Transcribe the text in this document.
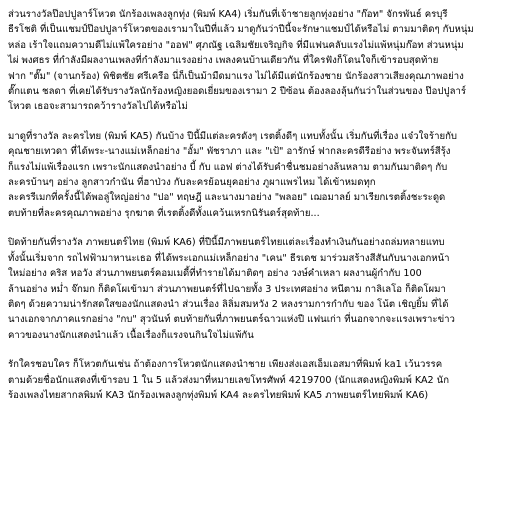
ส่วนรางวัลป๊อปปูลาร์โหวต นักร้องเพลงลูกทุ่ง (พิมพ์ KA4) เริ่มกันที่เจ้าชายลูกทุ่งอย่าง "ก๊อท" จักรพันธ์ ครบุรี
ธีรโชติ ที่เป็นแชมป์ป๊อปปูลาร์โหวตของเรามาในปีที่แล้ว มาดูกันว่าปีนี้จะรักษาแชมป์ได้หรือไม่ ตามมาติดๆ กับหนุ่ม
หล่อ เร้าใจแถมความดีไม่แพ้ใครอย่าง "ออฟ" ศุภณัฐ เฉลิมชัยเจริญกิจ ที่มีแฟนคลับแรงไม่แพ้หนุ่มก๊อท ส่วนหนุ่ม
ไผ่ พงศธร ที่กำลังมีผลงานเพลงที่กำลังมาแรงอย่าง เพลงคนบ้านเดียวกัน ที่ใครฟังก็โดนใจก็เข้ารอบสุดท้าย
ฟาก "ตั๊ม" (จานกร้อง) พิชิตชัย ศรีเครือ นี่ก็เป็นม้ามืดมาแรง ไม่ได้มีแต่นักร้องชาย นักร้องสาวเสียงคุณภาพอย่าง
ตั๊กแตน ชลดา ที่เคยได้รับรางวัลนักร้องหญิงยอดเยี่ยมของเรามา 2 ปีซ้อน ต้องลองลุ้นกันว่าในส่วนของ ป๊อปปูลาร์
โหวต เธอจะสามารถคว้ารางวัลไปได้หรือไม่
มาดูที่รางวัล ละครไทย (พิมพ์ KA5) กันบ้าง ปีนี้มีแต่ละครดังๆ เรตติ้งดีๆ แทบทั้งนั้น เริ่มกันที่เรื่อง แจ๋วใจร้ายกับ
คุณชายเทวดา ที่ได้พระ-นางแม่เหล็กอย่าง "อั้ม" พัชราภา และ "เป้" อารักษ์ ฟากละครดีรีอย่าง พระจันทร์สีรุ้ง
ก็แรงไม่แพ้เรื่องแรก เพราะนักแสดงนำอย่าง บี้ กับ แอฟ ต่างได้รับคำชื่นชมอย่างล้นหลาม ตามกันมาติดๆ กับ
ละครบ้านๆ อย่าง ลูกสาวกำนัน ที่ฮาป่วง กับละครย้อนยุคอย่าง ภูผาแพรไหม ได้เข้าหมดทุก
ละครรีเมกที่ครั้งนี้ได้พอลู่ใหญ่อย่าง "ปอ" ทฤษฎี และนางมาอย่าง "พลอย" เฌอมาลย์ มาเรียกเรตติ้งชะระดูด
ตบท้ายที่ละครคุณภาพอย่าง รุกฆาต ที่เรตติ้งดีทั้งแคว้นเหรกนิรันดร์สุดท้าย...
ปิดท้ายกันที่รางวัล ภาพยนตร์ไทย (พิมพ์ KA6) ที่ปีนี้มีภาพยนตร์ไทยแต่ละเรื่องทำเงินกันอย่างถล่มทลายแทบ
ทั้งนั้นเริ่มจาก รถไฟฟ้ามาหานะเธอ ที่ได้พระเอกแม่เหล็กอย่าง "เคน" ธีรเดช มาร่วมสร้างสีสันกับนางเอกหน้า
ใหม่อย่าง คริส หอวัง ส่วนภาพยนตร์คอมเมดี้ที่ทำรายได้มาติดๆ อย่าง วงษ์คำเหลา ผลงานผู้กำกับ 100
ล้านอย่าง หม่ำ จ๊กมก ก็ติดโผเข้ามา ส่วนภาพยนตร์ที่ไปฉายทั้ง 3 ประเทศอย่าง หนีตาม กาลิเลโอ ก็ติดโผมา
ติดๆ ด้วยความน่ารักสดใสของนักแสดงนำ ส่วนเรื่อง ลิลิ่มสมหวัง 2 หลงรามการกำกับ ของ โน้ต เชิญยิ้ม ที่ได้
นางเอกจากภาคแรกอย่าง "กบ" สุวนันท์ ตบท้ายกันที่ภาพยนตร์ฉาวแห่งปี แฟนเก่า ที่นอกจากจะแรงเพราะข่าว
คาวของนางนักแสดงนำแล้ว เนื้อเรื่องก็แรงจนกินใจไม่แพ้กัน
รักใครชอบใคร ก็โหวตกันเช่น ถ้าต้องการโหวตนักแสดงนำชาย เพียงส่งเอสเอ็มเอสมาที่พิมพ์ ka1 เว้นวรรค
ตามด้วยชื่อนักแสดงที่เข้ารอบ 1 ใน 5 แล้วส่งมาที่หมายเลขโทรศัพท์ 4219700 (นักแสดงหญิงพิมพ์ KA2 นัก
ร้องเพลงไทยสากลพิมพ์ KA3 นักร้องเพลงลูกทุ่งพิมพ์ KA4 ละครไทยพิมพ์ KA5 ภาพยนตร์ไทยพิมพ์ KA6)
